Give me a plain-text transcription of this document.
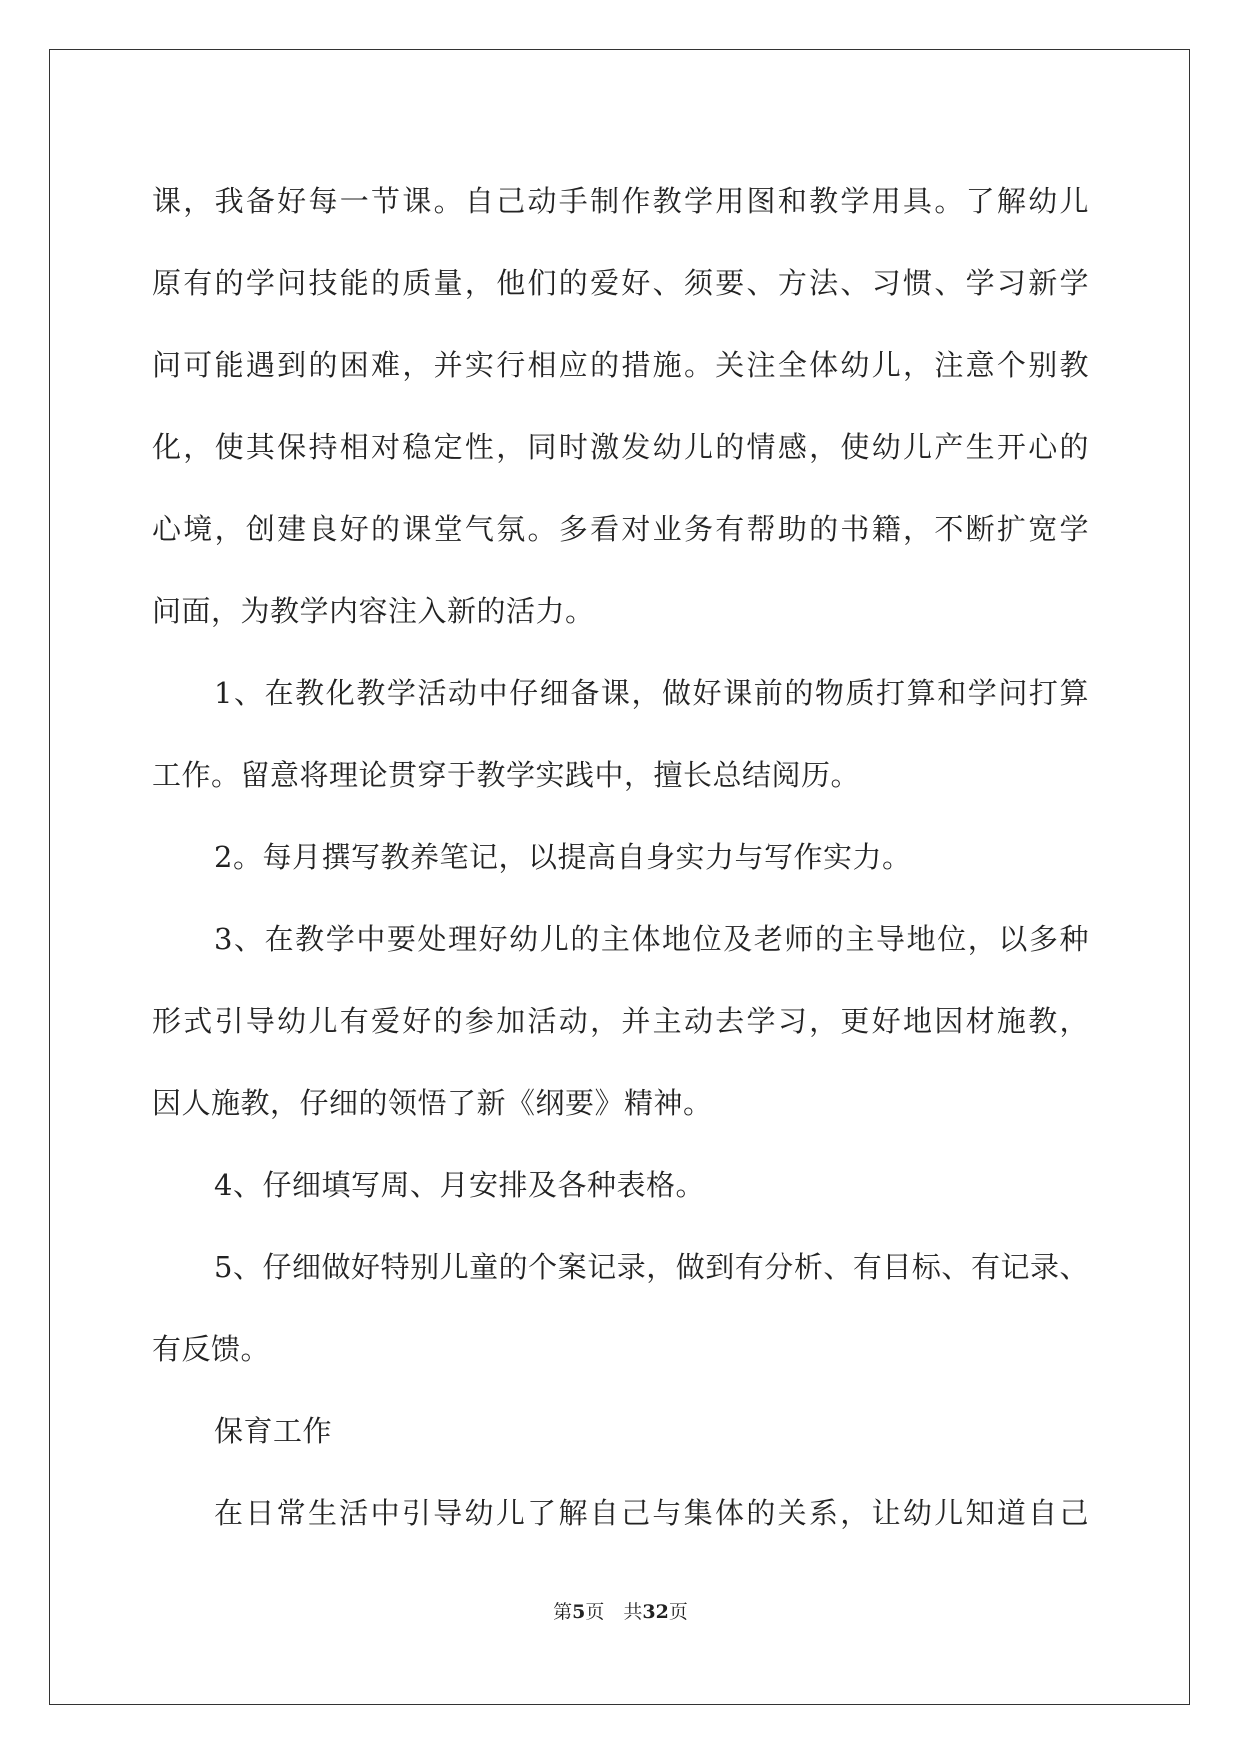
课，我备好每一节课。自己动手制作教学用图和教学用具。了解幼儿
原有的学问技能的质量，他们的爱好、须要、方法、习惯、学习新学
问可能遇到的困难，并实行相应的措施。关注全体幼儿，注意个别教
化，使其保持相对稳定性，同时激发幼儿的情感，使幼儿产生开心的
心境，创建良好的课堂气氛。多看对业务有帮助的书籍，不断扩宽学
问面，为教学内容注入新的活力。
1、在教化教学活动中仔细备课，做好课前的物质打算和学问打算
工作。留意将理论贯穿于教学实践中，擅长总结阅历。
2。每月撰写教养笔记，以提高自身实力与写作实力。
3、在教学中要处理好幼儿的主体地位及老师的主导地位，以多种
形式引导幼儿有爱好的参加活动，并主动去学习，更好地因材施教，
因人施教，仔细的领悟了新《纲要》精神。
4、仔细填写周、月安排及各种表格。
5、仔细做好特别儿童的个案记录，做到有分析、有目标、有记录、
有反馈。
保育工作
在日常生活中引导幼儿了解自己与集体的关系，让幼儿知道自己
第5页　共32页
